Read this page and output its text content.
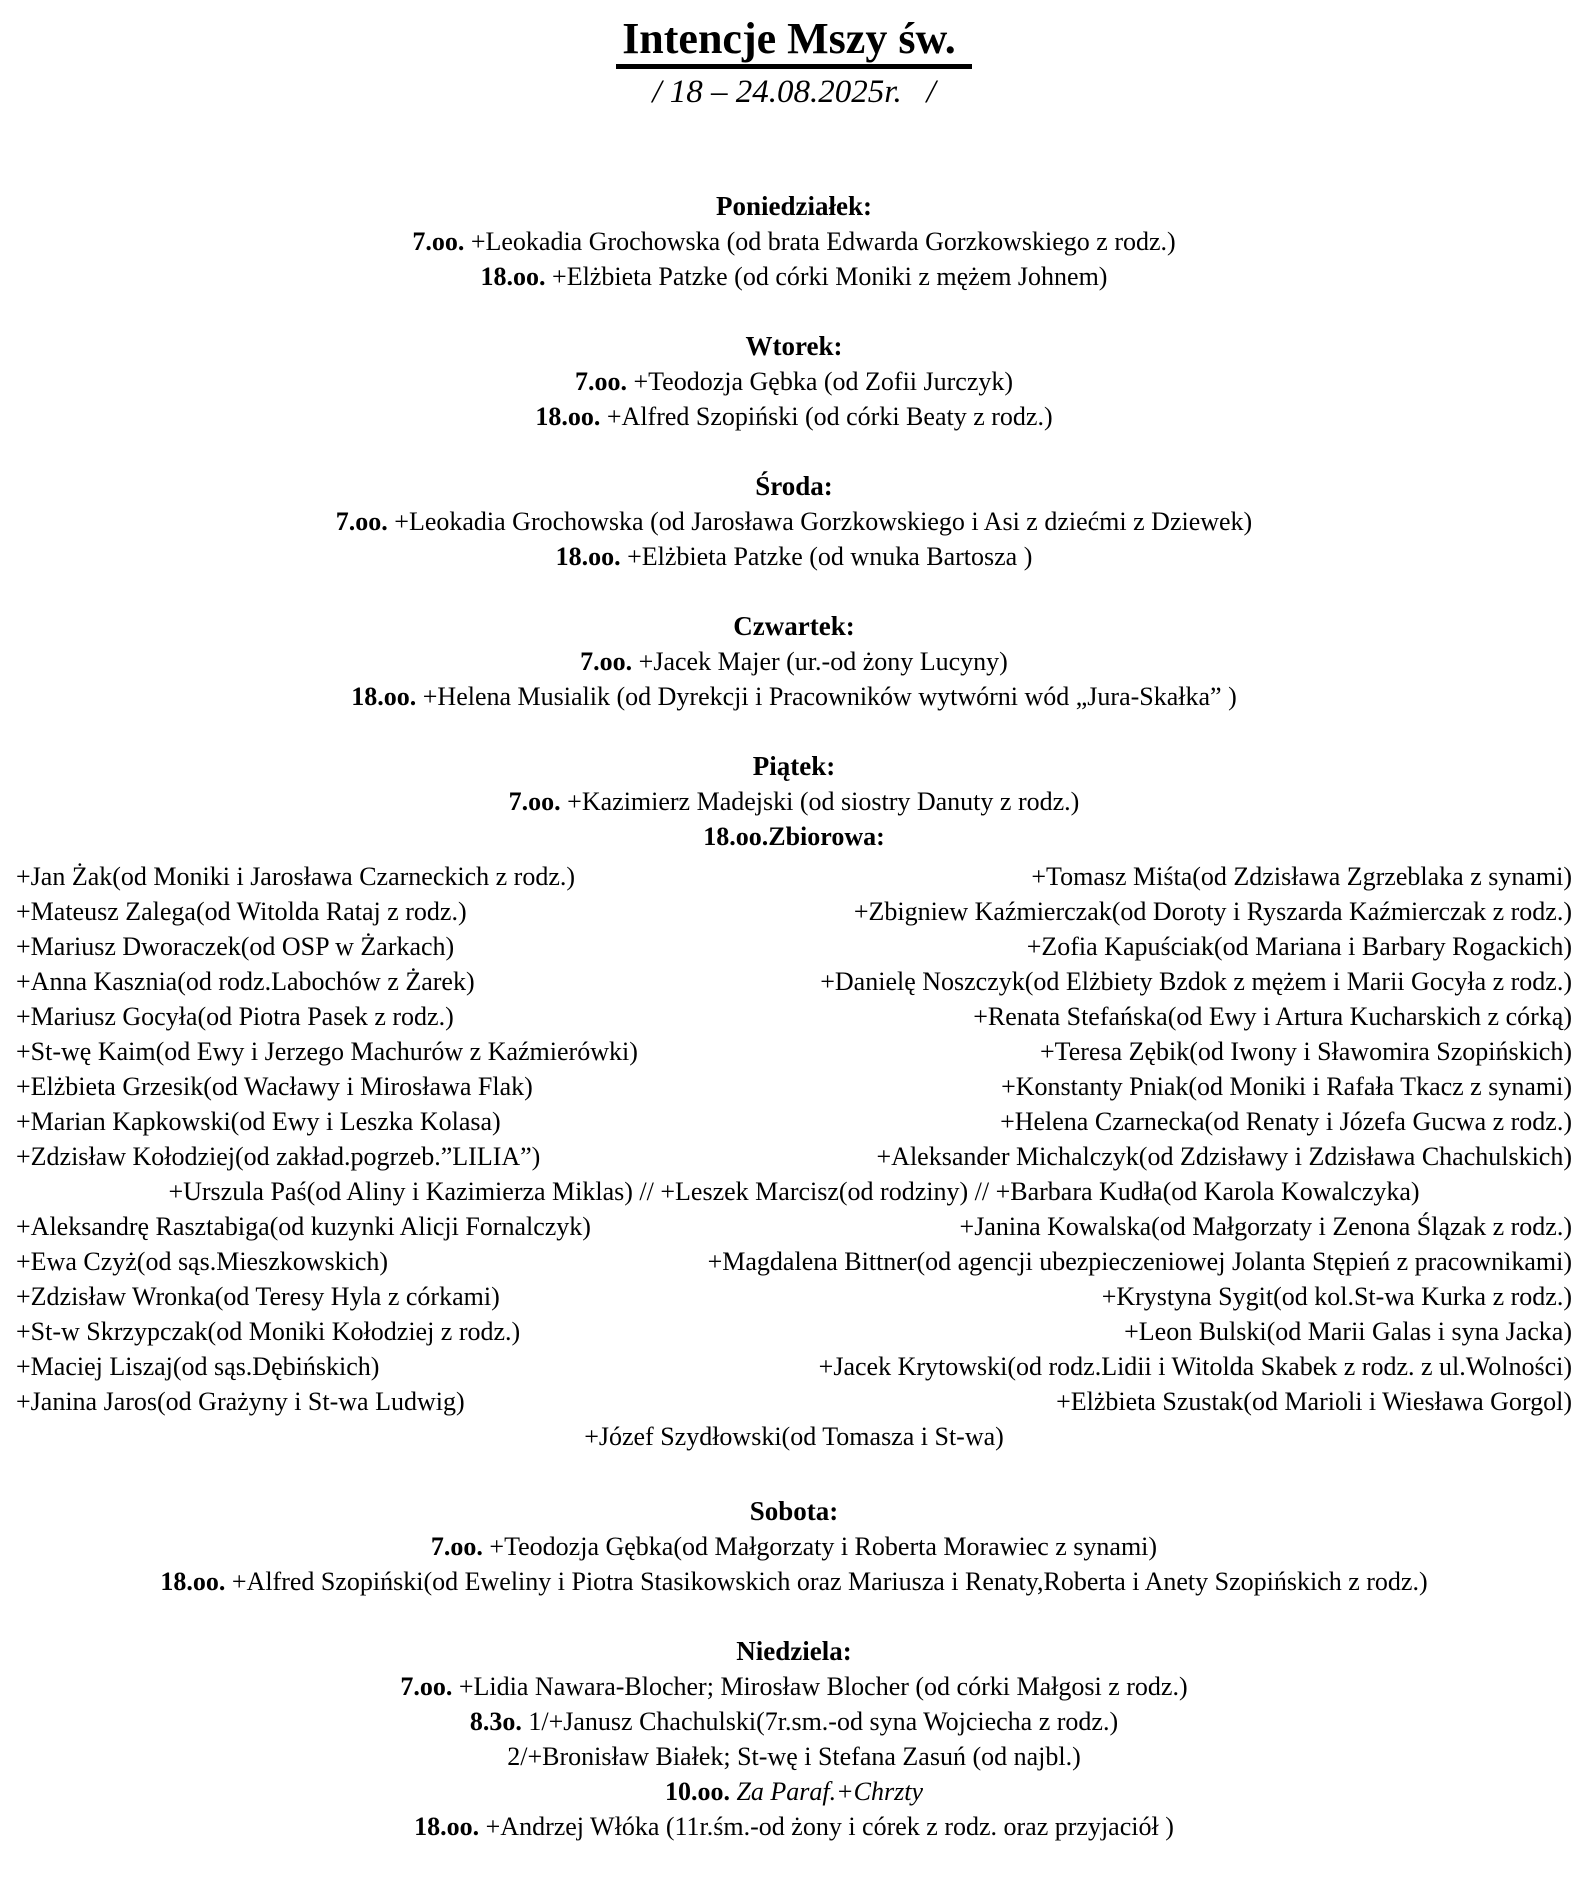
Intencje Mszy św.
/ 18 – 24.08.2025r.   /
Poniedziałek:
7.oo. +Leokadia Grochowska (od brata Edwarda Gorzkowskiego z rodz.)
18.oo. +Elżbieta Patzke (od córki Moniki z mężem Johnem)
Wtorek:
7.oo. +Teodozja Gębka (od Zofii Jurczyk)
18.oo. +Alfred Szopiński (od córki Beaty z rodz.)
Środa:
7.oo. +Leokadia Grochowska (od Jarosława Gorzkowskiego i Asi z dziećmi z Dziewek)
18.oo. +Elżbieta Patzke (od wnuka Bartosza )
Czwartek:
7.oo. +Jacek Majer (ur.-od żony Lucyny)
18.oo. +Helena Musialik (od Dyrekcji i Pracowników wytwórni wód „Jura-Skałka” )
Piątek:
7.oo. +Kazimierz Madejski (od siostry Danuty z rodz.)
18.oo.Zbiorowa:
+Jan Żak(od Moniki i Jarosława Czarneckich z rodz.)	+Tomasz Miśta(od Zdzisława Zgrzeblaka z synami)
+Mateusz Zalega(od Witolda Rataj z rodz.)	+Zbigniew Kaźmierczak(od Doroty i Ryszarda Kaźmierczak z rodz.)
+Mariusz Dworaczek(od OSP w Żarkach)	+Zofia Kapuściak(od Mariana i Barbary Rogackich)
+Anna Kasznia(od rodz.Labochów z Żarek)	+Danielę Noszczyk(od Elżbiety Bzdok z mężem i Marii Gocyła z rodz.)
+Mariusz Gocyła(od Piotra Pasek z rodz.)	+Renata Stefańska(od Ewy i Artura Kucharskich z córką)
+St-wę Kaim(od Ewy i Jerzego Machurów z Kaźmierówki)	+Teresa Zębik(od Iwony i Sławomira Szopińskich)
+Elżbieta Grzesik(od Wacławy i Mirosława Flak)	+Konstanty Pniak(od Moniki i Rafała Tkacz z synami)
+Marian Kapkowski(od Ewy i Leszka Kolasa)	+Helena Czarnecka(od Renaty i Józefa Gucwa z rodz.)
+Zdzisław Kołodziej(od zakład.pogrzeb.”LILIA”)	+Aleksander Michalczyk(od Zdzisławy i Zdzisława Chachulskich)
+Urszula Paś(od Aliny i Kazimierza Miklas) // +Leszek Marcisz(od rodziny) // +Barbara Kudła(od Karola Kowalczyka)
+Aleksandrę Rasztabiga(od kuzynki Alicji Fornalczyk)	+Janina Kowalska(od Małgorzaty i Zenona Ślązak z rodz.)
+Ewa Czyż(od sąs.Mieszkowskich)	+Magdalena Bittner(od agencji ubezpieczeniowej Jolanta Stępień z pracownikami)
+Zdzisław Wronka(od Teresy Hyla z córkami)	+Krystyna Sygit(od kol.St-wa Kurka z rodz.)
+St-w Skrzypczak(od Moniki Kołodziej z rodz.)	+Leon Bulski(od Marii Galas i syna Jacka)
+Maciej Liszaj(od sąs.Dębińskich)	+Jacek Krytowski(od rodz.Lidii i Witolda Skabek z rodz. z ul.Wolności)
+Janina Jaros(od Grażyny i St-wa Ludwig)	+Elżbieta Szustak(od Marioli i Wiesława Gorgol)
+Józef Szydłowski(od Tomasza i St-wa)
Sobota:
7.oo. +Teodozja Gębka(od Małgorzaty i Roberta Morawiec z synami)
18.oo. +Alfred Szopiński(od Eweliny i Piotra Stasikowskich oraz Mariusza i Renaty,Roberta i Anety Szopińskich z rodz.)
Niedziela:
7.oo. +Lidia Nawara-Blocher; Mirosław Blocher (od córki Małgosi z rodz.)
8.3o. 1/+Janusz Chachulski(7r.sm.-od syna Wojciecha z rodz.)
2/+Bronisław Białek; St-wę i Stefana Zasuń (od najbl.)
10.oo. Za Paraf.+Chrzty
18.oo. +Andrzej Włóka (11r.śm.-od żony i córek z rodz. oraz przyjaciół )
